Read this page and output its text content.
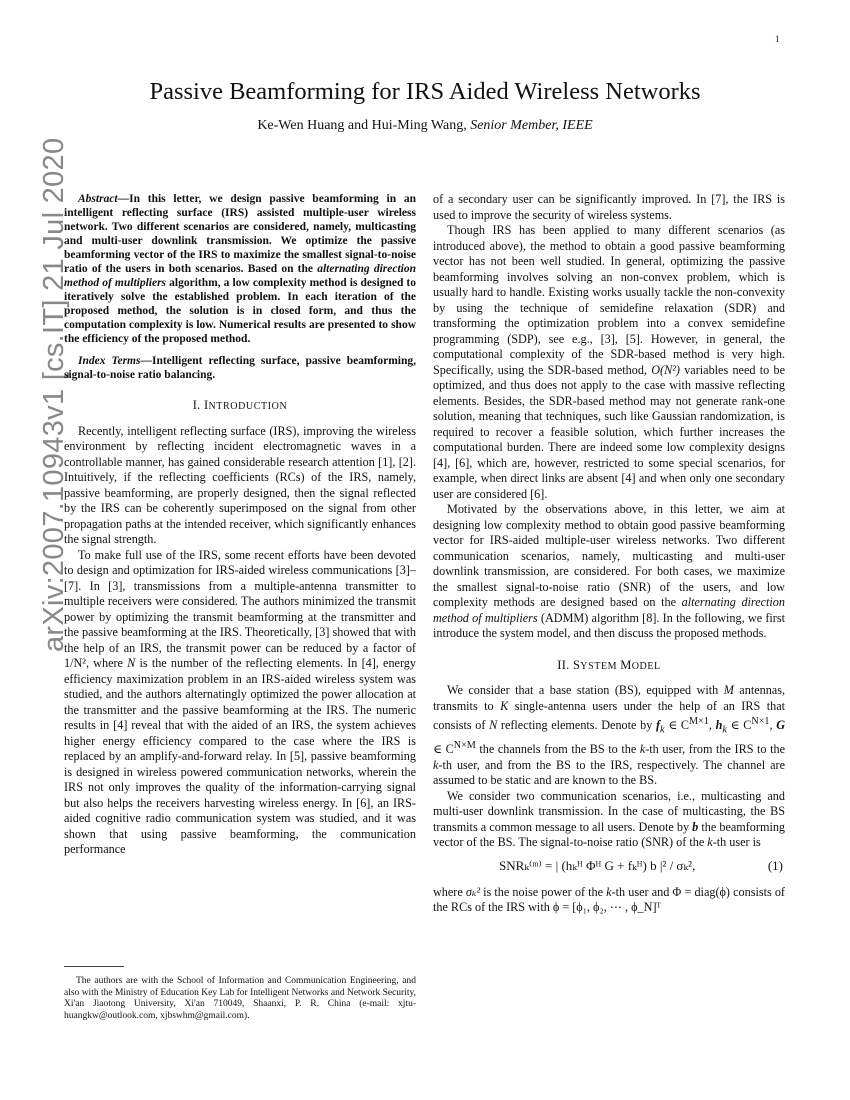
1
arXiv:2007.10943v1 [cs.IT] 21 Jul 2020
Passive Beamforming for IRS Aided Wireless Networks
Ke-Wen Huang and Hui-Ming Wang, Senior Member, IEEE

Abstract—In this letter, we design passive beamforming in an intelligent reflecting surface (IRS) assisted multiple-user wireless network. Two different scenarios are considered, namely, multicasting and multi-user downlink transmission. We optimize the passive beamforming vector of the IRS to maximize the smallest signal-to-noise ratio of the users in both scenarios. Based on the alternating direction method of multipliers algorithm, a low complexity method is designed to iteratively solve the established problem. In each iteration of the proposed method, the solution is in closed form, and thus the computation complexity is low. Numerical results are presented to show the efficiency of the proposed method.

Index Terms—Intelligent reflecting surface, passive beamforming, signal-to-noise ratio balancing.

I. INTRODUCTION

Recently, intelligent reflecting surface (IRS), improving the wireless environment by reflecting incident electromagnetic waves in a controllable manner, has gained considerable research attention [1], [2]. Intuitively, if the reflecting coefficients (RCs) of the IRS, namely, passive beamforming, are properly designed, then the signal reflected by the IRS can be coherently superimposed on the signal from other propagation paths at the intended receiver, which significantly enhances the signal strength.

To make full use of the IRS, some recent efforts have been devoted to design and optimization for IRS-aided wireless communications [3]–[7]. In [3], transmissions from a multiple-antenna transmitter to multiple receivers were considered. The authors minimized the transmit power by optimizing the transmit beamforming at the transmitter and the passive beamforming at the IRS. Theoretically, [3] showed that with the help of an IRS, the transmit power can be reduced by a factor of 1/N², where N is the number of the reflecting elements. In [4], energy efficiency maximization problem in an IRS-aided wireless system was studied, and the authors alternatingly optimized the power allocation at the transmitter and the passive beamforming at the IRS. The numeric results in [4] reveal that with the aided of an IRS, the system achieves higher energy efficiency compared to the case where the IRS is replaced by an amplify-and-forward relay. In [5], passive beamforming is designed in wireless powered communication networks, wherein the IRS not only improves the quality of the information-carrying signal but also helps the receivers harvesting wireless energy. In [6], an IRS-aided cognitive radio communication system was studied, and it was shown that using passive beamforming, the communication performance

The authors are with the School of Information and Communication Engineering, and also with the Ministry of Education Key Lab for Intelligent Networks and Network Security, Xi'an Jiaotong University, Xi'an 710049, Shaanxi, P. R. China (e-mail: xjtu-huangkw@outlook.com, xjbswhm@gmail.com).

of a secondary user can be significantly improved. In [7], the IRS is used to improve the security of wireless systems.

Though IRS has been applied to many different scenarios (as introduced above), the method to obtain a good passive beamforming vector has not been well studied. In general, optimizing the passive beamforming involves solving an non-convex problem, which is usually hard to handle. Existing works usually tackle the non-convexity by using the technique of semidefine relaxation (SDR) and transforming the optimization problem into a convex semidefine programming (SDP), see e.g., [3], [5]. However, in general, the computational complexity of the SDR-based method is very high. Specifically, using the SDR-based method, O(N²) variables need to be optimized, and thus does not apply to the case with massive reflecting elements. Besides, the SDR-based method may not generate rank-one solution, meaning that techniques, such like Gaussian randomization, is required to recover a feasible solution, which further increases the computational burden. There are indeed some low complexity designs [4], [6], which are, however, restricted to some special scenarios, for example, when direct links are absent [4] and when only one secondary user are considered [6].

Motivated by the observations above, in this letter, we aim at designing low complexity method to obtain good passive beamforming vector for IRS-aided multiple-user wireless networks. Two different communication scenarios, namely, multicasting and multi-user downlink transmission, are considered. For both cases, we maximize the smallest signal-to-noise ratio (SNR) of the users, and low complexity methods are designed based on the alternating direction method of multipliers (ADMM) algorithm [8]. In the following, we first introduce the system model, and then discuss the proposed methods.

II. SYSTEM MODEL

We consider that a base station (BS), equipped with M antennas, transmits to K single-antenna users under the help of an IRS that consists of N reflecting elements. Denote by $f_k$ ∈ $C^{M\times 1}$, $h_k$ ∈ $C^{N\times 1}$, G ∈ $C^{N\times M}$ the channels from the BS to the k-th user, from the IRS to the k-th user, and from the BS to the IRS, respectively. The channel are assumed to be static and are known to the BS.

We consider two communication scenarios, i.e., multicasting and multi-user downlink transmission. In the case of multicasting, the BS transmits a common message to all users. Denote by b the beamforming vector of the BS. The signal-to-noise ratio (SNR) of the k-th user is

SNRₖ⁽ᵐ⁾ = | (hₖᴴ Φᴴ G + fₖᴴ) b |² / σₖ²,	(1)

where σₖ² is the noise power of the k-th user and Φ = diag(ϕ) consists of the RCs of the IRS with ϕ = [ϕ₁, ϕ₂, ⋯ , ϕ_N]ᵀ
